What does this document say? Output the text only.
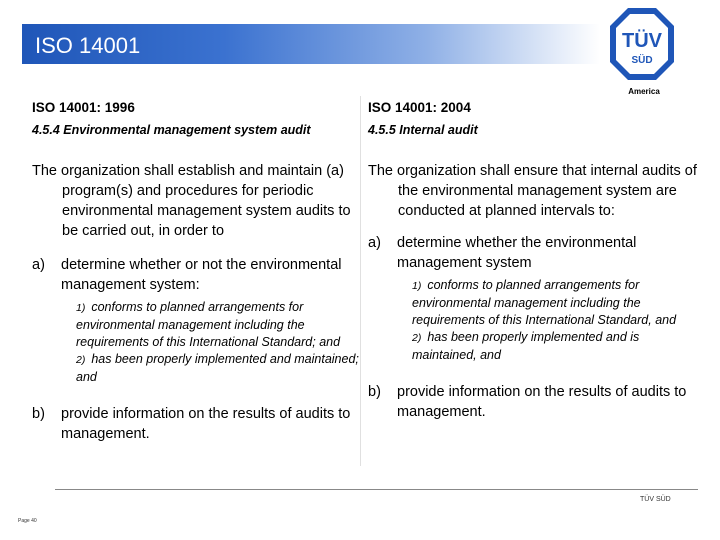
ISO 14001	TÜV
SÜD
America
ISO 14001: 1996
4.5.4 Environmental management system audit
The organization shall establish and maintain (a) program(s) and procedures for periodic environmental management system audits to be carried out, in order to
a)	determine whether or not the environmental management system:
1) conforms to planned arrangements for environmental management including the requirements of this International Standard; and
2) has been properly implemented and maintained; and
b)	provide information on the results of audits to management.
ISO 14001: 2004
4.5.5 Internal audit
The organization shall ensure that internal audits of the environmental management system are conducted at planned intervals to:
a)	determine whether the environmental management system
1) conforms to planned arrangements for environmental management including the requirements of this International Standard, and
2) has been properly implemented and is maintained, and
b)	provide information on the results of audits to management.
TÜV SÜD
Page 40
